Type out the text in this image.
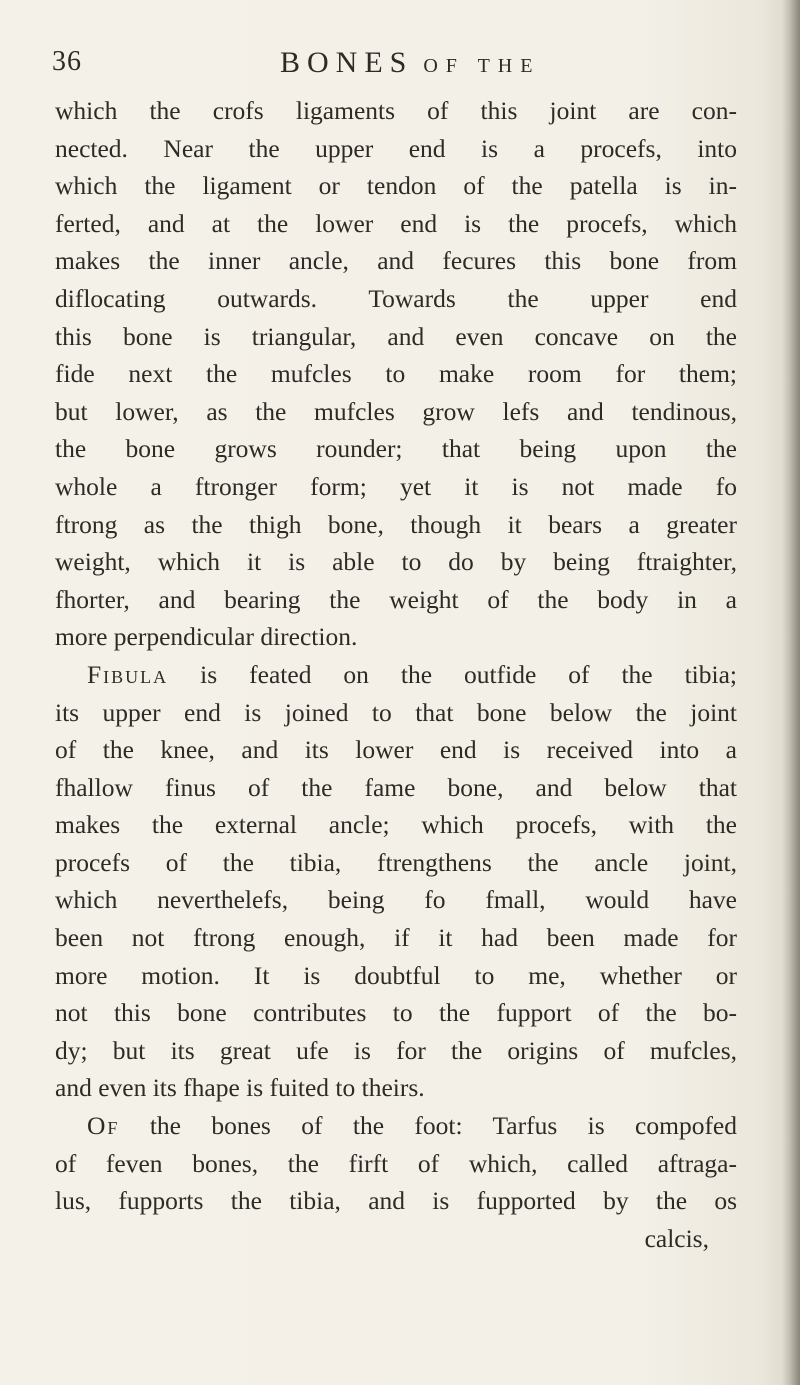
36	BONES OF THE
which the crofs ligaments of this joint are con-
nected. Near the upper end is a procefs, into
which the ligament or tendon of the patella is in-
ferted, and at the lower end is the procefs, which
makes the inner ancle, and fecures this bone from
diflocating outwards. Towards the upper end
this bone is triangular, and even concave on the
fide next the mufcles to make room for them;
but lower, as the mufcles grow lefs and tendinous,
the bone grows rounder; that being upon the
whole a ftronger form; yet it is not made fo
ftrong as the thigh bone, though it bears a greater
weight, which it is able to do by being ftraighter,
fhorter, and bearing the weight of the body in a
more perpendicular direction.
Fibula is feated on the outfide of the tibia;
its upper end is joined to that bone below the joint
of the knee, and its lower end is received into a
fhallow finus of the fame bone, and below that
makes the external ancle; which procefs, with the
procefs of the tibia, ftrengthens the ancle joint,
which neverthelefs, being fo fmall, would have
been not ftrong enough, if it had been made for
more motion. It is doubtful to me, whether or
not this bone contributes to the fupport of the bo-
dy; but its great ufe is for the origins of mufcles,
and even its fhape is fuited to theirs.
Of the bones of the foot: Tarfus is compofed
of feven bones, the firft of which, called aftraga-
lus, fupports the tibia, and is fupported by the os
calcis,
